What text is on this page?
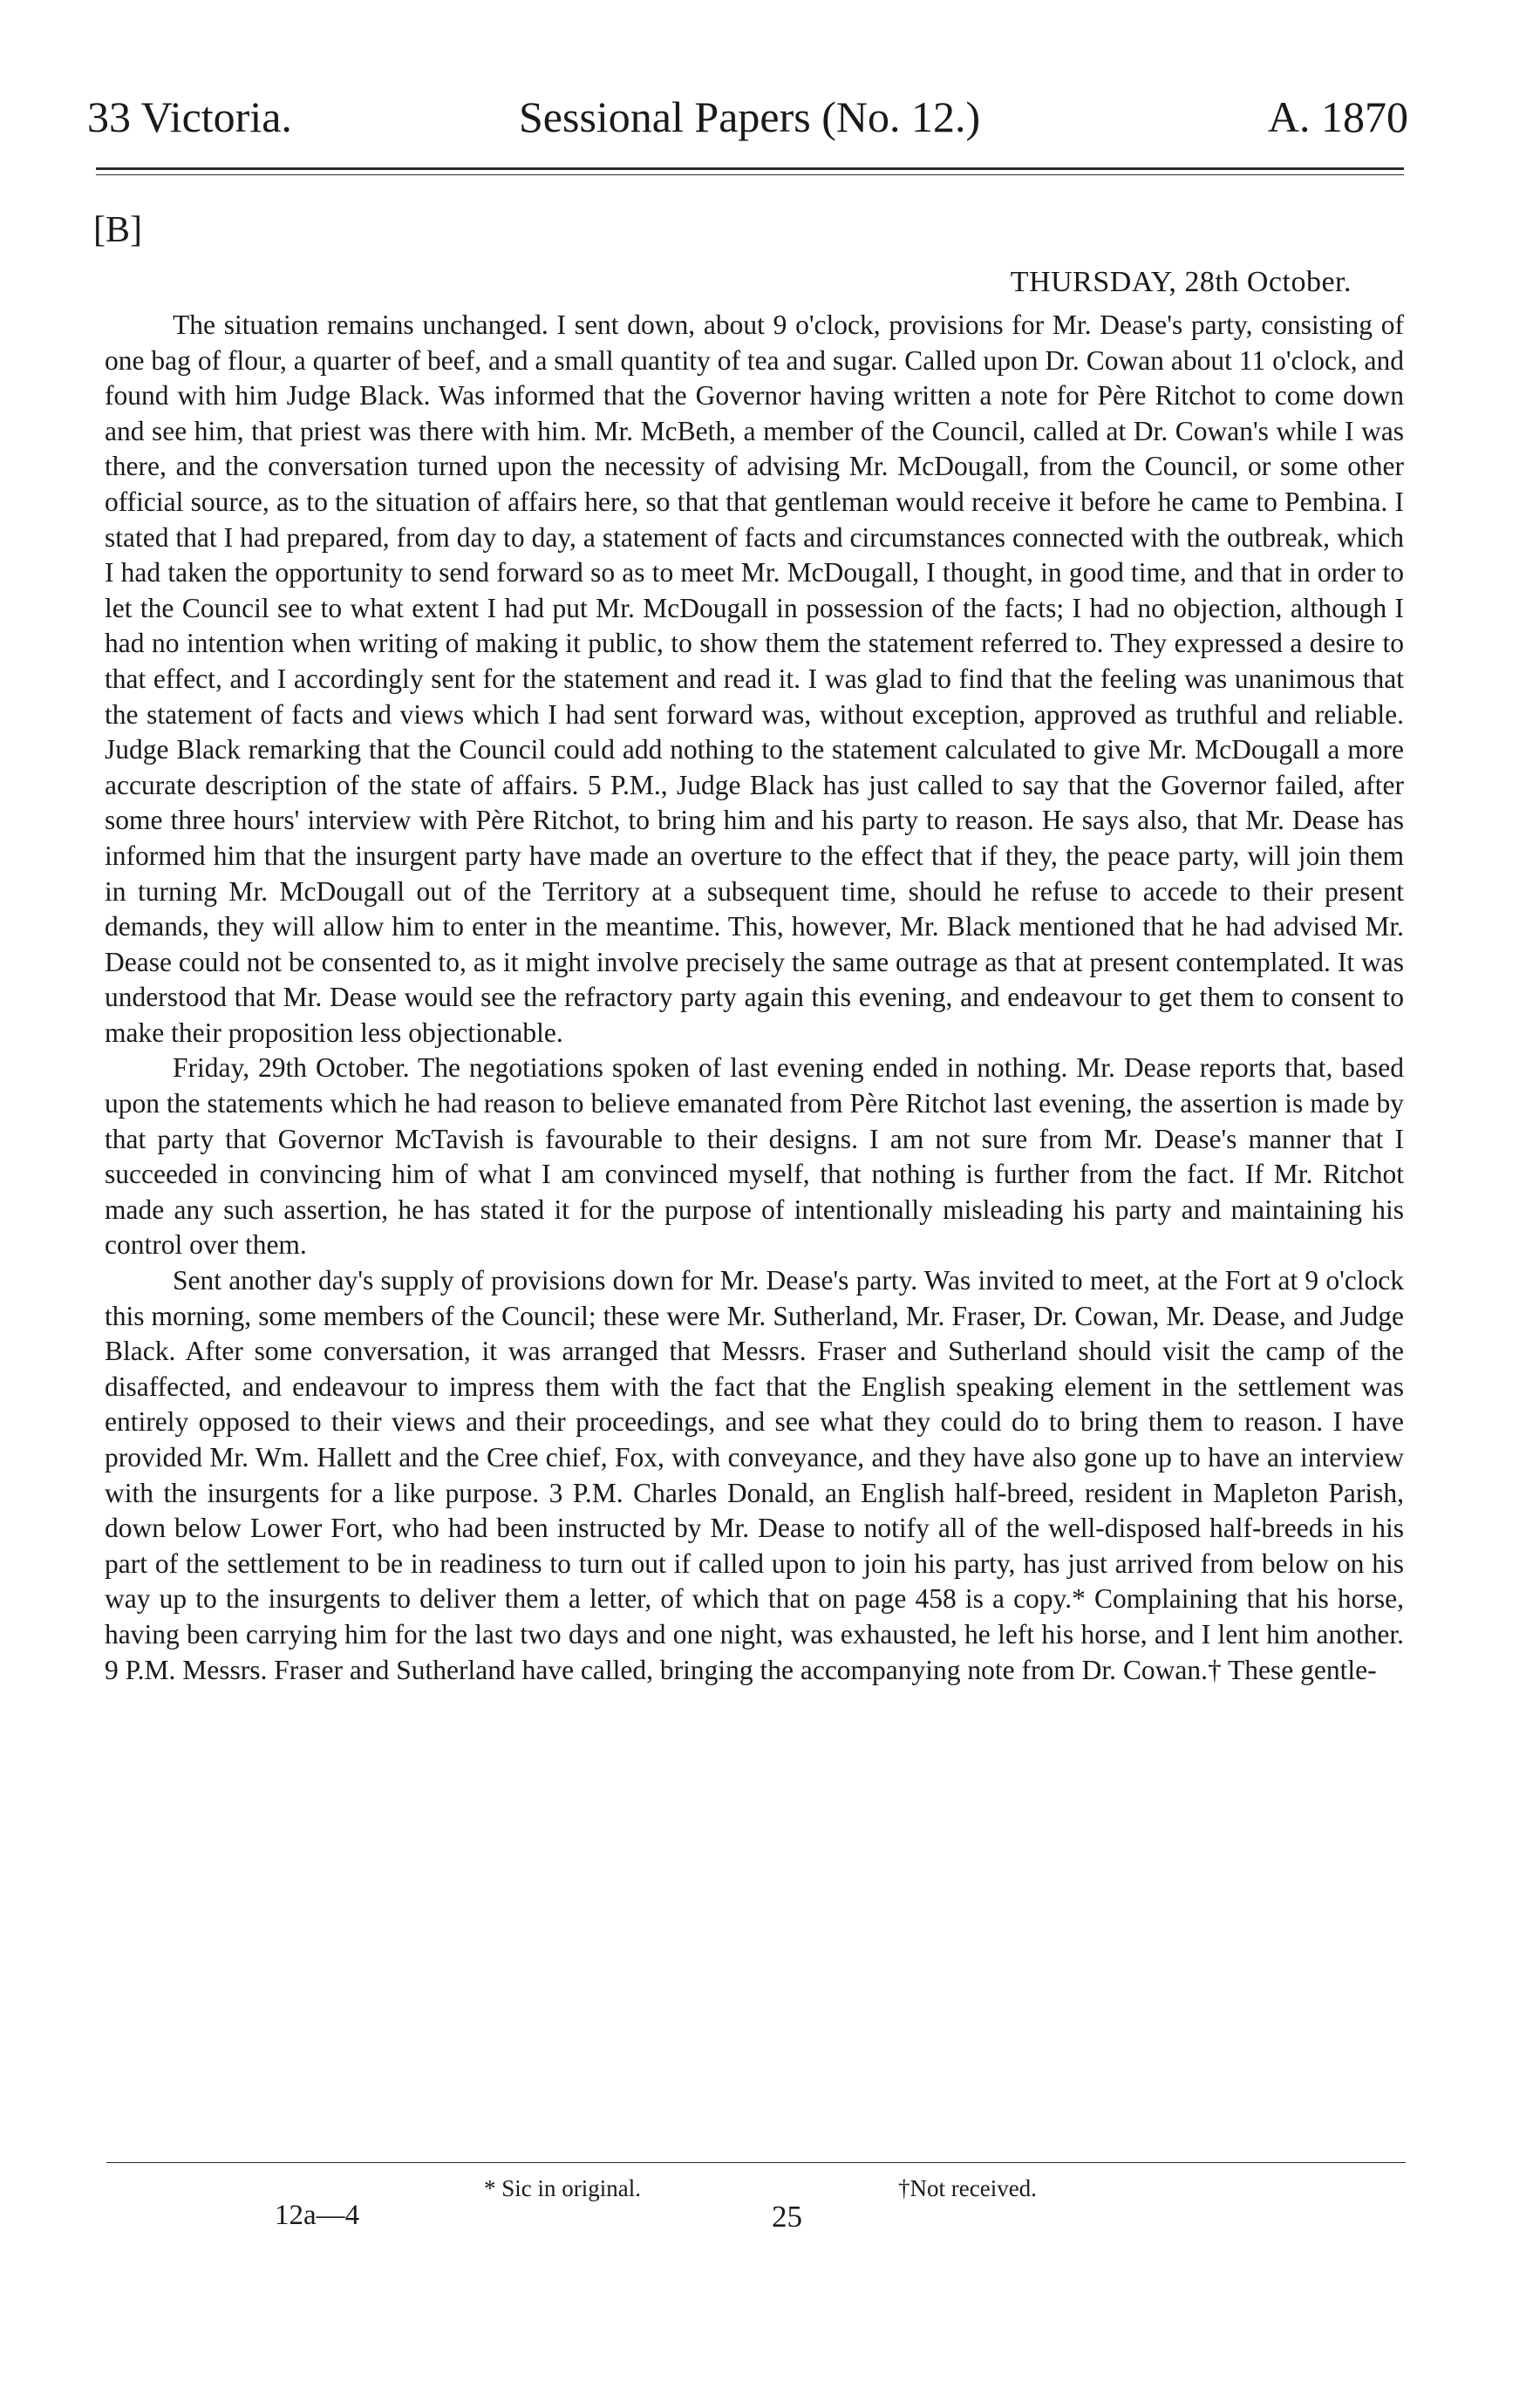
33 Victoria.	Sessional Papers (No. 12.)	A. 1870
[B]
THURSDAY, 28th October.

The situation remains unchanged. I sent down, about 9 o'clock, provisions for Mr. Dease's party, consisting of one bag of flour, a quarter of beef, and a small quantity of tea and sugar. Called upon Dr. Cowan about 11 o'clock, and found with him Judge Black. Was informed that the Governor having written a note for Père Ritchot to come down and see him, that priest was there with him. Mr. McBeth, a member of the Council, called at Dr. Cowan's while I was there, and the conversation turned upon the necessity of advising Mr. McDougall, from the Council, or some other official source, as to the situation of affairs here, so that that gentleman would receive it before he came to Pembina. I stated that I had prepared, from day to day, a statement of facts and circumstances connected with the outbreak, which I had taken the opportunity to send forward so as to meet Mr. McDougall, I thought, in good time, and that in order to let the Council see to what extent I had put Mr. McDougall in possession of the facts; I had no objection, although I had no intention when writing of making it public, to show them the statement referred to. They expressed a desire to that effect, and I accordingly sent for the statement and read it. I was glad to find that the feeling was unanimous that the statement of facts and views which I had sent forward was, without exception, approved as truthful and reliable. Judge Black remarking that the Council could add nothing to the statement calculated to give Mr. McDougall a more accurate description of the state of affairs. 5 P.M., Judge Black has just called to say that the Governor failed, after some three hours' interview with Père Ritchot, to bring him and his party to reason. He says also, that Mr. Dease has informed him that the insurgent party have made an overture to the effect that if they, the peace party, will join them in turning Mr. McDougall out of the Territory at a subsequent time, should he refuse to accede to their present demands, they will allow him to enter in the meantime. This, however, Mr. Black mentioned that he had advised Mr. Dease could not be consented to, as it might involve precisely the same outrage as that at present contemplated. It was understood that Mr. Dease would see the refractory party again this evening, and endeavour to get them to consent to make their proposition less objectionable.

Friday, 29th October. The negotiations spoken of last evening ended in nothing. Mr. Dease reports that, based upon the statements which he had reason to believe emanated from Père Ritchot last evening, the assertion is made by that party that Governor McTavish is favourable to their designs. I am not sure from Mr. Dease's manner that I succeeded in convincing him of what I am convinced myself, that nothing is further from the fact. If Mr. Ritchot made any such assertion, he has stated it for the purpose of intentionally misleading his party and maintaining his control over them.

Sent another day's supply of provisions down for Mr. Dease's party. Was invited to meet, at the Fort at 9 o'clock this morning, some members of the Council; these were Mr. Sutherland, Mr. Fraser, Dr. Cowan, Mr. Dease, and Judge Black. After some conversation, it was arranged that Messrs. Fraser and Sutherland should visit the camp of the disaffected, and endeavour to impress them with the fact that the English speaking element in the settlement was entirely opposed to their views and their proceedings, and see what they could do to bring them to reason. I have provided Mr. Wm. Hallett and the Cree chief, Fox, with conveyance, and they have also gone up to have an interview with the insurgents for a like purpose. 3 P.M. Charles Donald, an English half-breed, resident in Mapleton Parish, down below Lower Fort, who had been instructed by Mr. Dease to notify all of the well-disposed half-breeds in his part of the settlement to be in readiness to turn out if called upon to join his party, has just arrived from below on his way up to the insurgents to deliver them a letter, of which that on page 458 is a copy.* Complaining that his horse, having been carrying him for the last two days and one night, was exhausted, he left his horse, and I lent him another. 9 P.M. Messrs. Fraser and Sutherland have called, bringing the accompanying note from Dr. Cowan.† These gentle-

* Sic in original.	†Not received.
12a—4	25
